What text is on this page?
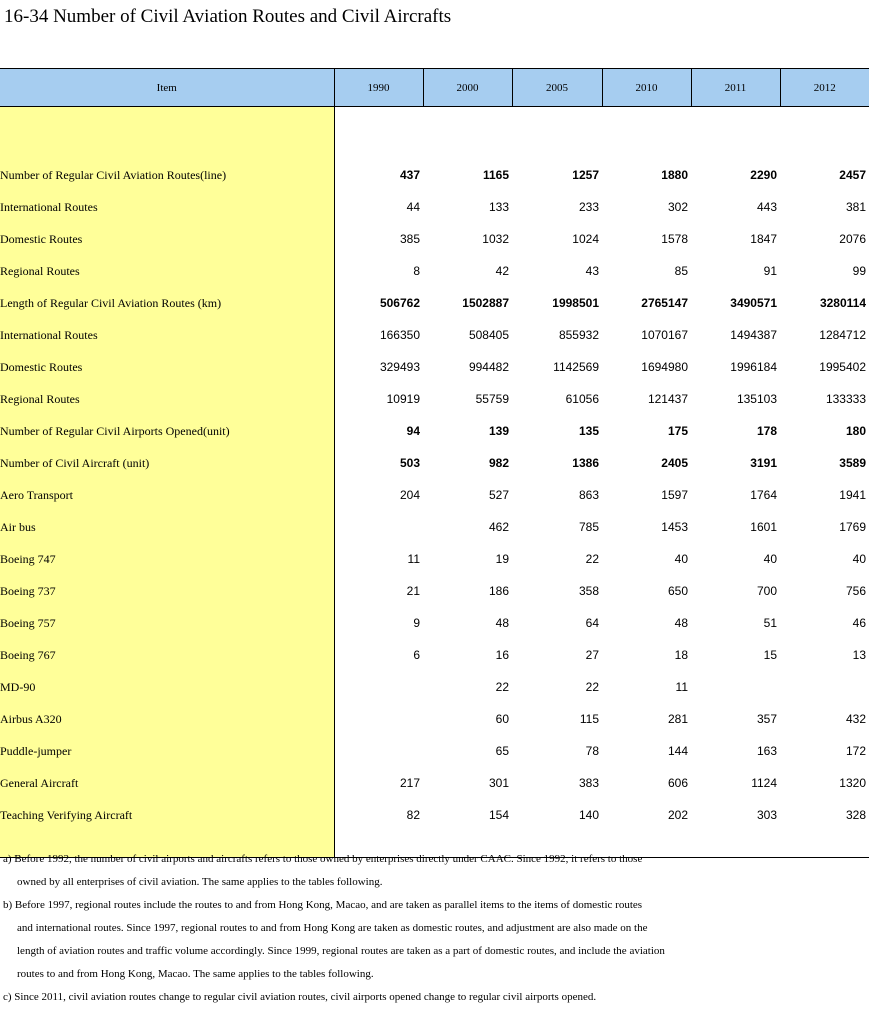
16-34 Number of Civil Aviation Routes and Civil Aircrafts
Item	1990	2000	2005	2010	2011	2012

Number of Regular Civil Aviation Routes(line)	437	1165	1257	1880	2290	2457
International Routes	44	133	233	302	443	381
Domestic Routes	385	1032	1024	1578	1847	2076
Regional Routes	8	42	43	85	91	99
Length of Regular Civil Aviation Routes (km)	506762	1502887	1998501	2765147	3490571	3280114
International Routes	166350	508405	855932	1070167	1494387	1284712
Domestic Routes	329493	994482	1142569	1694980	1996184	1995402
Regional Routes	10919	55759	61056	121437	135103	133333
Number of Regular Civil Airports Opened(unit)	94	139	135	175	178	180
Number of Civil Aircraft (unit)	503	982	1386	2405	3191	3589
Aero Transport	204	527	863	1597	1764	1941
Air bus		462	785	1453	1601	1769
Boeing 747	11	19	22	40	40	40
Boeing 737	21	186	358	650	700	756
Boeing 757	9	48	64	48	51	46
Boeing 767	6	16	27	18	15	13
MD-90		22	22	11		
Airbus A320		60	115	281	357	432
Puddle-jumper		65	78	144	163	172
General Aircraft	217	301	383	606	1124	1320
Teaching Verifying Aircraft	82	154	140	202	303	328

a) Before 1992, the number of civil airports and aircrafts refers to those owned by enterprises directly under CAAC. Since 1992, it refers to those
owned by all enterprises of civil aviation. The same applies to the tables following.
b) Before 1997, regional routes include the routes to and from Hong Kong, Macao, and are taken as parallel items to the items of domestic routes
and international routes. Since 1997, regional routes to and from Hong Kong are taken as domestic routes, and adjustment are also made on the
length of aviation routes and traffic volume accordingly. Since 1999, regional routes are taken as a part of domestic routes, and include the aviation
routes to and from Hong Kong, Macao. The same applies to the tables following.
c) Since 2011, civil aviation routes change to regular civil aviation routes, civil airports opened change to regular civil airports opened.
